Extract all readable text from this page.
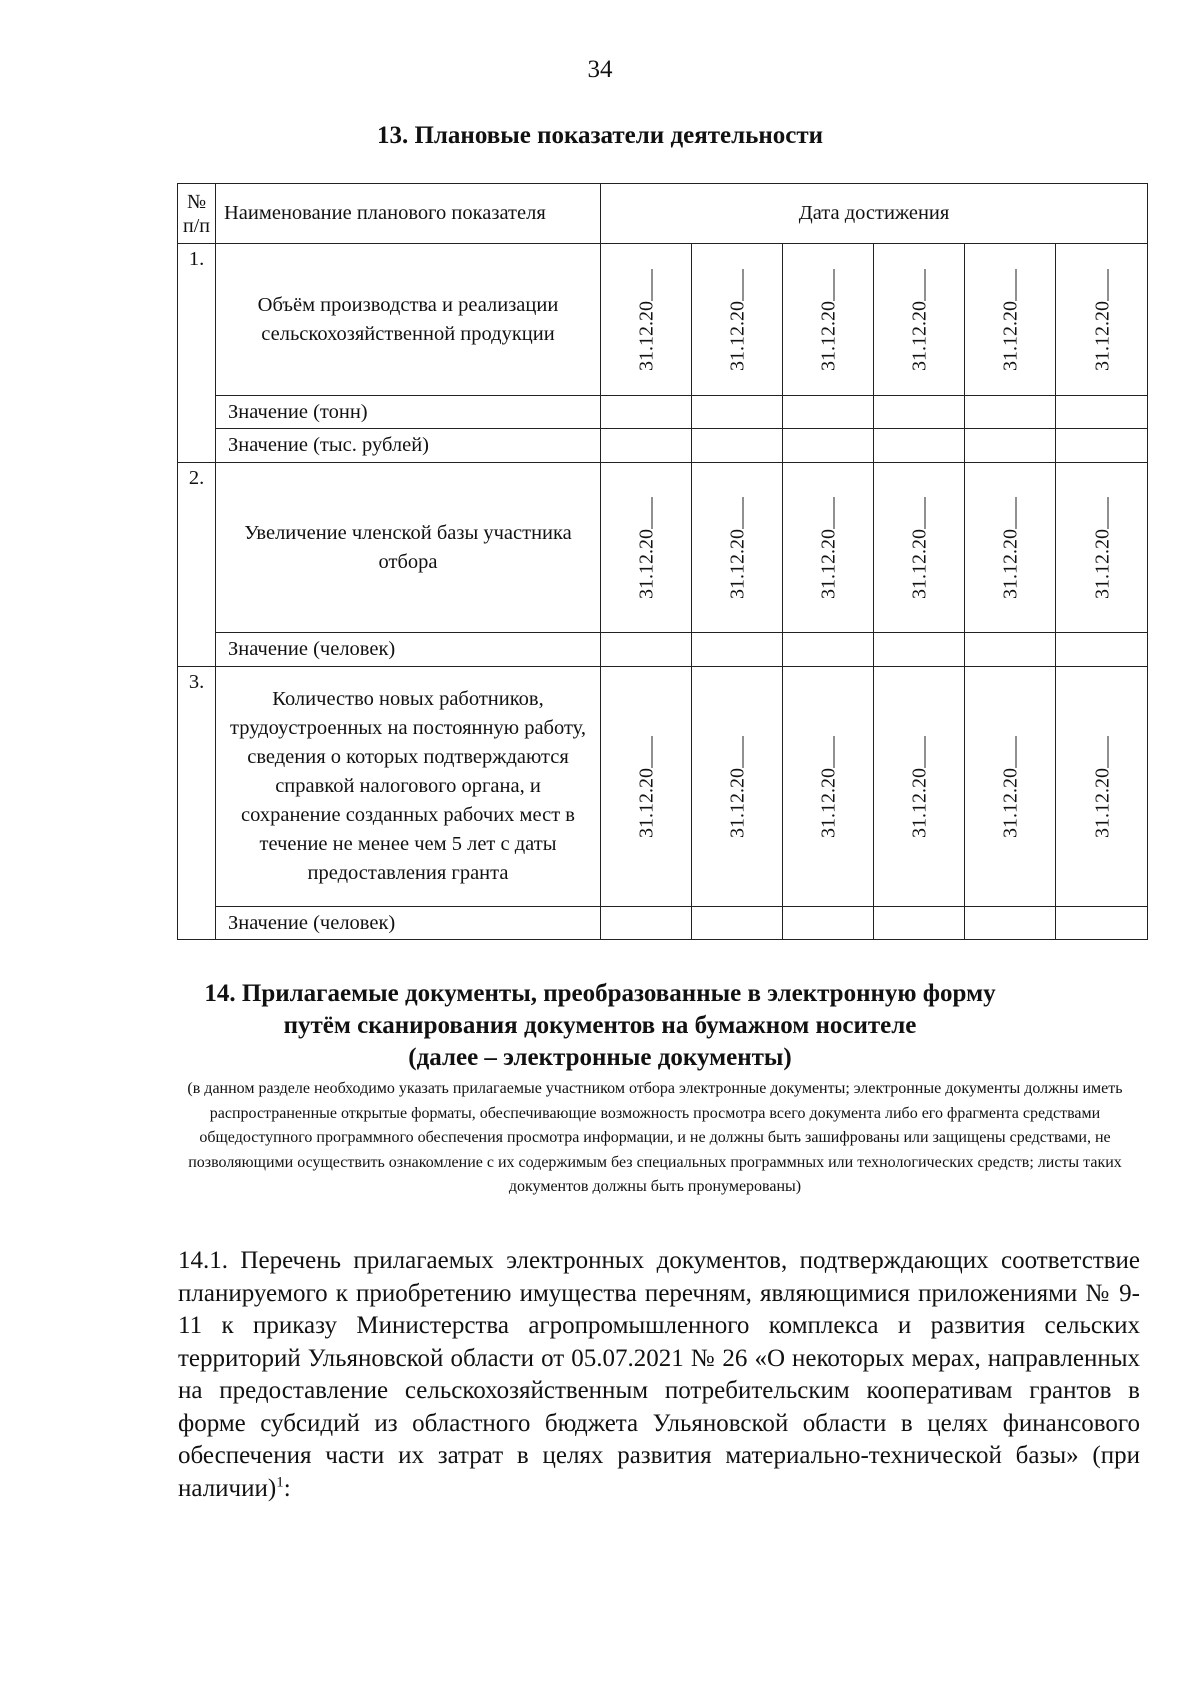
34
13. Плановые показатели деятельности
№ п/п	Наименование планового показателя	Дата достижения					
1.	Объём производства и реализации сельскохозяйственной продукции	31.12.20	31.12.20	31.12.20	31.12.20	31.12.20	31.12.20

	Значение (тонн)						
	Значение (тыс. рублей)						
2.	Увеличение членской базы участника отбора	31.12.20	31.12.20	31.12.20	31.12.20	31.12.20	31.12.20

	Значение (человек)						
3.	Количество новых работников, трудоустроенных на постоянную работу, сведения о которых подтверждаются справкой налогового органа, и сохранение созданных рабочих мест в течение не менее чем 5 лет с даты предоставления гранта	31.12.20	31.12.20	31.12.20	31.12.20	31.12.20	31.12.20

	Значение (человек)						
14. Прилагаемые документы, преобразованные в электронную форму
путём сканирования документов на бумажном носителе
(далее – электронные документы)
(в данном разделе необходимо указать прилагаемые участником отбора электронные документы; электронные документы должны иметь распространенные открытые форматы, обеспечивающие возможность просмотра всего документа либо его фрагмента средствами общедоступного программного обеспечения просмотра информации, и не должны быть зашифрованы или защищены средствами, не позволяющими осуществить ознакомление с их содержимым без специальных программных или технологических средств; листы таких документов должны быть пронумерованы)
14.1. Перечень прилагаемых электронных документов, подтверждающих соответствие планируемого к приобретению имущества перечням, являющимися приложениями № 9-11 к приказу Министерства агропромышленного комплекса и развития сельских территорий Ульяновской области от 05.07.2021 № 26 «О некоторых мерах, направленных на предоставление сельскохозяйственным потребительским кооперативам грантов в форме субсидий из областного бюджета Ульяновской области в целях финансового обеспечения части их затрат в целях развития материально-технической базы» (при наличии)$^1$:
